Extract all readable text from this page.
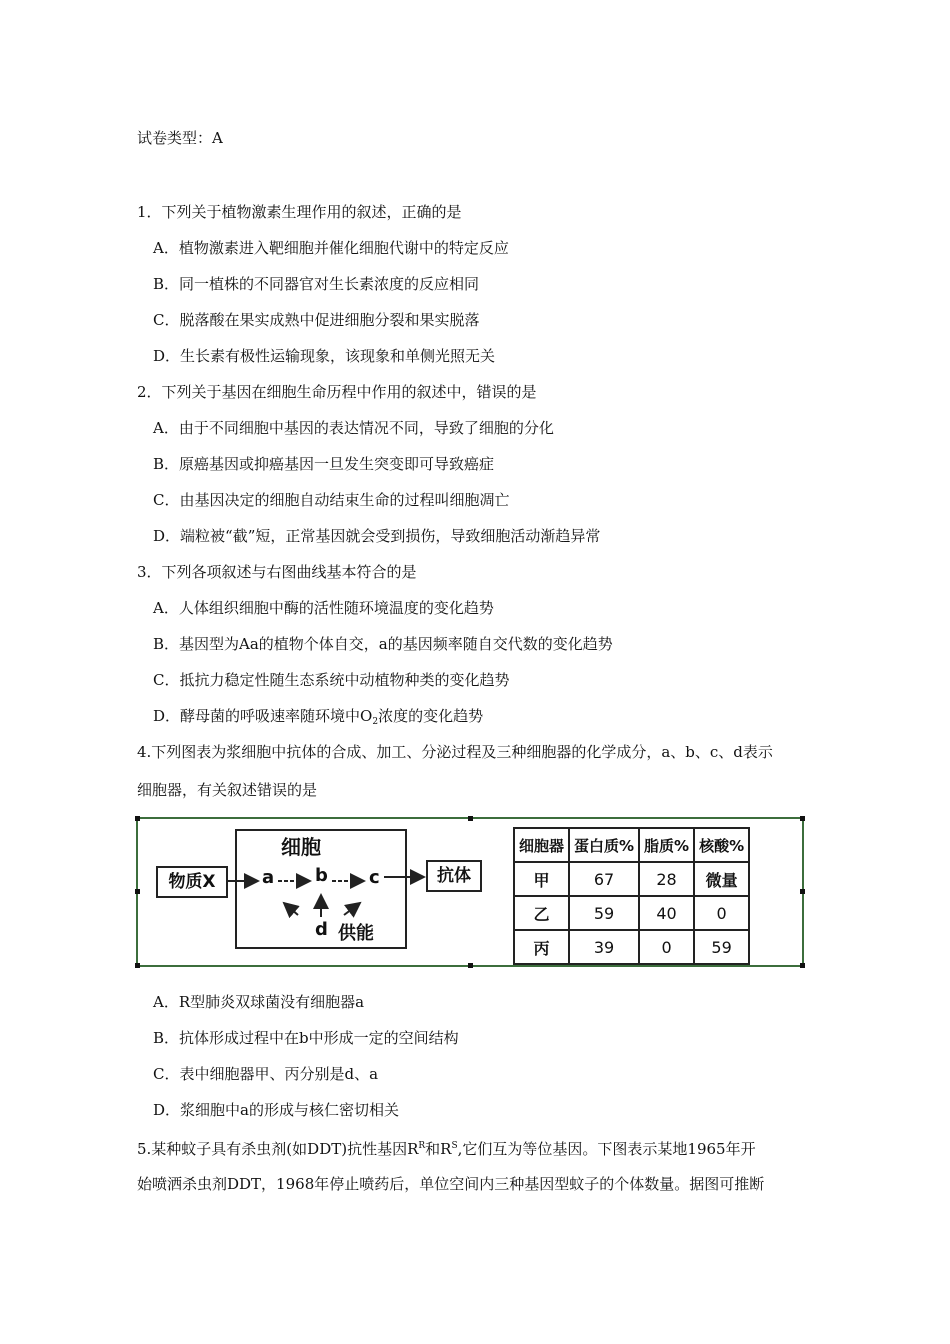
试卷类型：A
1．下列关于植物激素生理作用的叙述，正确的是
A．植物激素进入靶细胞并催化细胞代谢中的特定反应
B．同一植株的不同器官对生长素浓度的反应相同
C．脱落酸在果实成熟中促进细胞分裂和果实脱落
D．生长素有极性运输现象，该现象和单侧光照无关
2．下列关于基因在细胞生命历程中作用的叙述中，错误的是
A．由于不同细胞中基因的表达情况不同，导致了细胞的分化
B．原癌基因或抑癌基因一旦发生突变即可导致癌症
C．由基因决定的细胞自动结束生命的过程叫细胞凋亡
D．端粒被“截”短，正常基因就会受到损伤，导致细胞活动渐趋异常
3．下列各项叙述与右图曲线基本符合的是
A．人体组织细胞中酶的活性随环境温度的变化趋势
B．基因型为Aa的植物个体自交，a的基因频率随自交代数的变化趋势
C．抵抗力稳定性随生态系统中动植物种类的变化趋势
D．酵母菌的呼吸速率随环境中$O_2$浓度的变化趋势
4.下列图表为浆细胞中抗体的合成、加工、分泌过程及三种细胞器的化学成分，a、b、c、d表示
细胞器，有关叙述错误的是
物质X
细胞
a b c
d 供能
抗体
细胞器	蛋白质%	脂质%	核酸%
甲	67	28	微量
乙	59	40	0
丙	39	0	59
A．R型肺炎双球菌没有细胞器a
B．抗体形成过程中在b中形成一定的空间结构
C．表中细胞器甲、丙分别是d、a
D．浆细胞中a的形成与核仁密切相关
5.某种蚊子具有杀虫剂(如DDT)抗性基因$R^R$和$R^S$,它们互为等位基因。下图表示某地1965年开
始喷洒杀虫剂DDT，1968年停止喷药后，单位空间内三种基因型蚊子的个体数量。据图可推断
